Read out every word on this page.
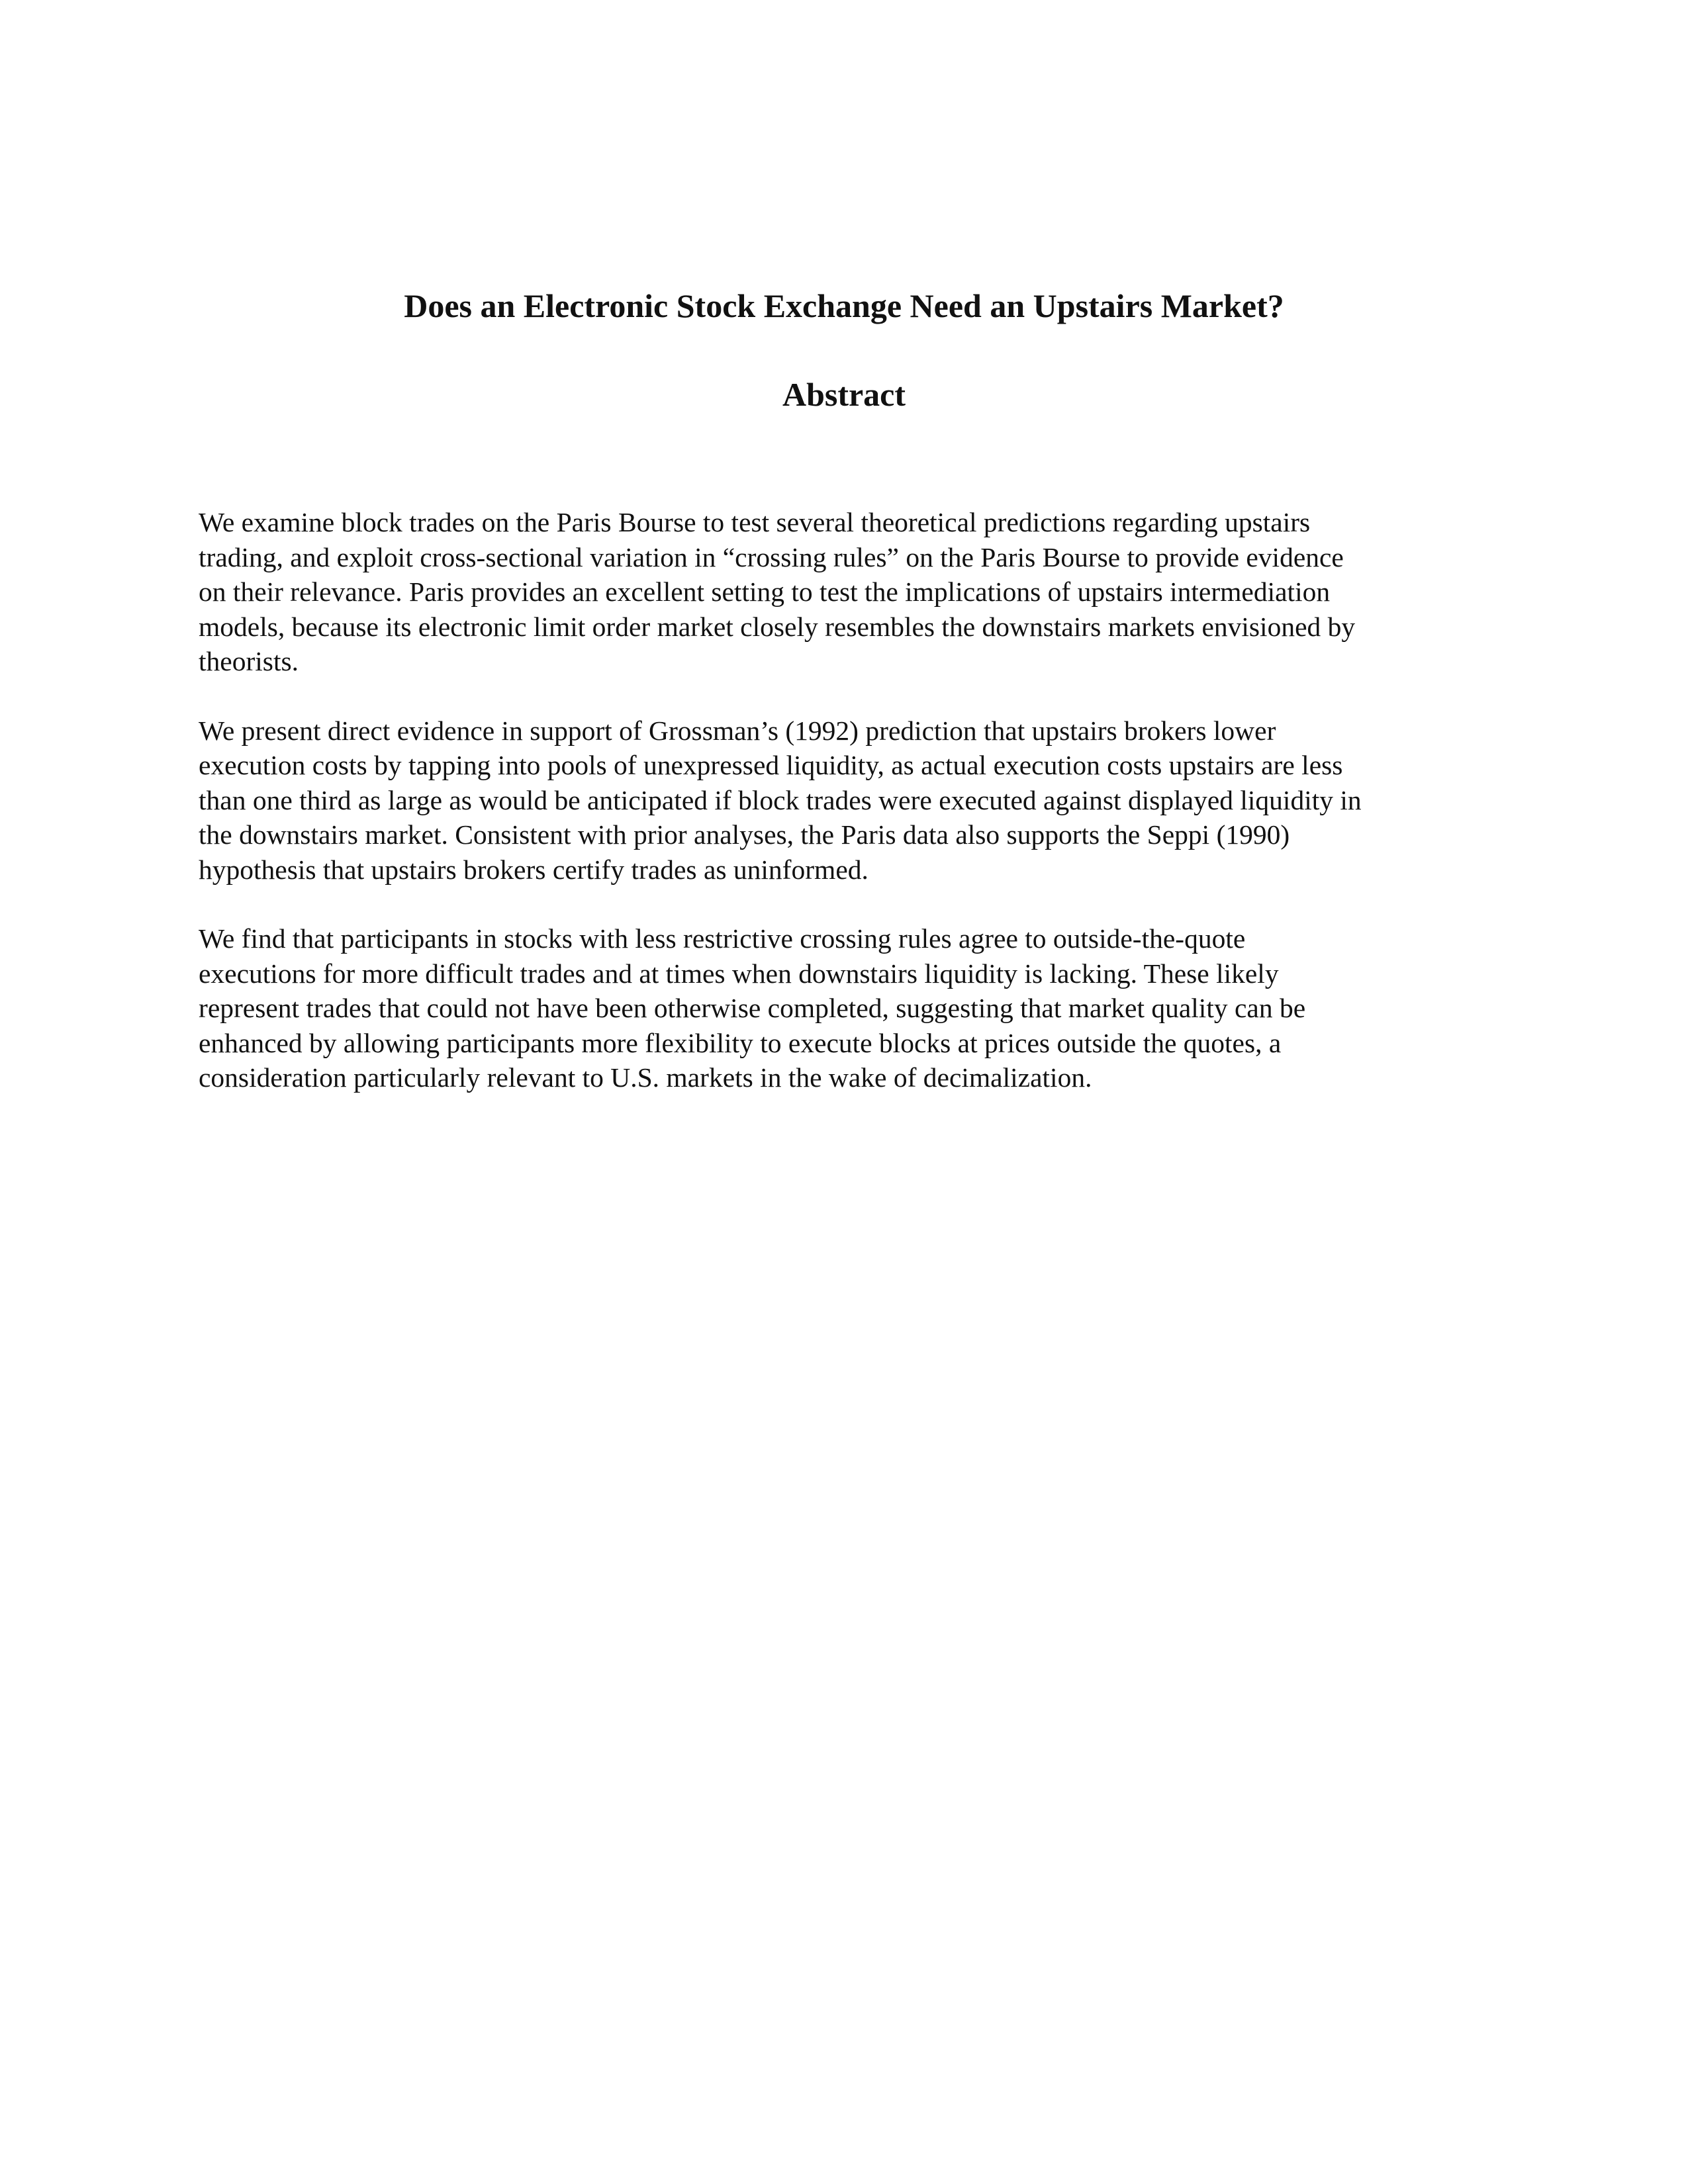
Does an Electronic Stock Exchange Need an Upstairs Market?
Abstract

We examine block trades on the Paris Bourse to test several theoretical predictions regarding upstairs
trading, and exploit cross-sectional variation in “crossing rules” on the Paris Bourse to provide evidence
on their relevance. Paris provides an excellent setting to test the implications of upstairs intermediation
models, because its electronic limit order market closely resembles the downstairs markets envisioned by
theorists.

We present direct evidence in support of Grossman’s (1992) prediction that upstairs brokers lower
execution costs by tapping into pools of unexpressed liquidity, as actual execution costs upstairs are less
than one third as large as would be anticipated if block trades were executed against displayed liquidity in
the downstairs market. Consistent with prior analyses, the Paris data also supports the Seppi (1990)
hypothesis that upstairs brokers certify trades as uninformed.

We find that participants in stocks with less restrictive crossing rules agree to outside-the-quote
executions for more difficult trades and at times when downstairs liquidity is lacking. These likely
represent trades that could not have been otherwise completed, suggesting that market quality can be
enhanced by allowing participants more flexibility to execute blocks at prices outside the quotes, a
consideration particularly relevant to U.S. markets in the wake of decimalization.
